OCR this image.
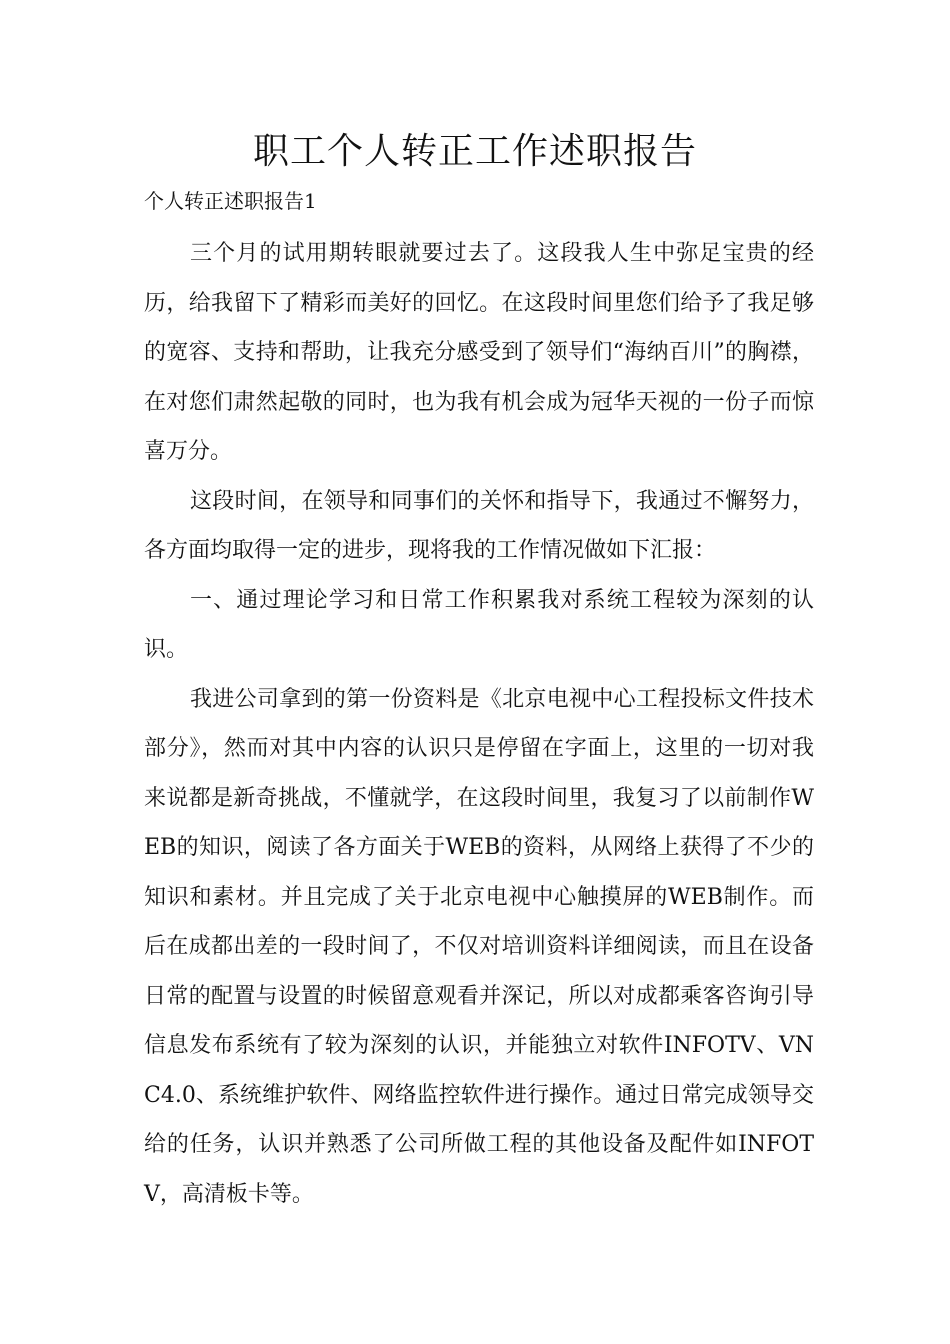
职工个人转正工作述职报告

个人转正述职报告1

三个月的试用期转眼就要过去了。这段我人生中弥足宝贵的经历，给我留下了精彩而美好的回忆。在这段时间里您们给予了我足够的宽容、支持和帮助，让我充分感受到了领导们“海纳百川”的胸襟，在对您们肃然起敬的同时，也为我有机会成为冠华天视的一份子而惊喜万分。

这段时间，在领导和同事们的关怀和指导下，我通过不懈努力，各方面均取得一定的进步，现将我的工作情况做如下汇报：

一、通过理论学习和日常工作积累我对系统工程较为深刻的认识。

我进公司拿到的第一份资料是《北京电视中心工程投标文件技术部分》，然而对其中内容的认识只是停留在字面上，这里的一切对我来说都是新奇挑战，不懂就学，在这段时间里，我复习了以前制作WEB的知识，阅读了各方面关于WEB的资料，从网络上获得了不少的知识和素材。并且完成了关于北京电视中心触摸屏的WEB制作。而后在成都出差的一段时间了，不仅对培训资料详细阅读，而且在设备日常的配置与设置的时候留意观看并深记，所以对成都乘客咨询引导信息发布系统有了较为深刻的认识，并能独立对软件INFOTV、VNC4.0、系统维护软件、网络监控软件进行操作。通过日常完成领导交给的任务，认识并熟悉了公司所做工程的其他设备及配件如INFOTV，高清板卡等。
